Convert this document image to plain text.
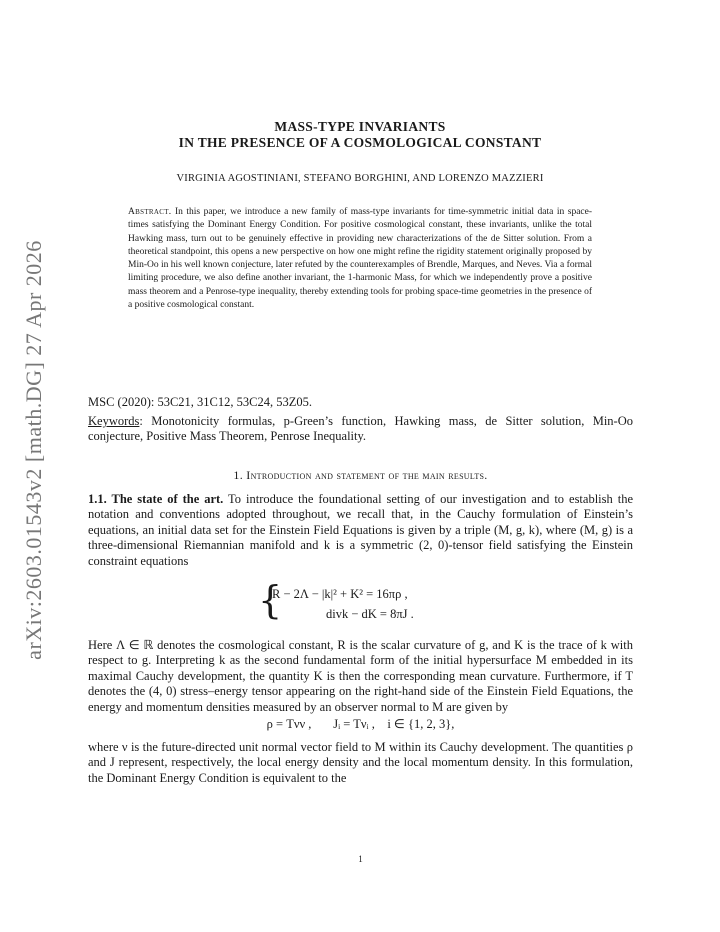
arXiv:2603.01543v2 [math.DG] 27 Apr 2026
MASS-TYPE INVARIANTS
IN THE PRESENCE OF A COSMOLOGICAL CONSTANT
VIRGINIA AGOSTINIANI, STEFANO BORGHINI, AND LORENZO MAZZIERI
Abstract. In this paper, we introduce a new family of mass-type invariants for time-symmetric initial data in space-times satisfying the Dominant Energy Condition. For positive cosmological constant, these invariants, unlike the total Hawking mass, turn out to be genuinely effective in providing new characterizations of the de Sitter solution. From a theoretical standpoint, this opens a new perspective on how one might refine the rigidity statement originally proposed by Min-Oo in his well known conjecture, later refuted by the counterexamples of Brendle, Marques, and Neves. Via a formal limiting procedure, we also define another invariant, the 1-harmonic Mass, for which we independently prove a positive mass theorem and a Penrose-type inequality, thereby extending tools for probing space-time geometries in the presence of a positive cosmological constant.
MSC (2020): 53C21, 31C12, 53C24, 53Z05.
Keywords: Monotonicity formulas, p-Green’s function, Hawking mass, de Sitter solution, Min-Oo conjecture, Positive Mass Theorem, Penrose Inequality.
1. Introduction and statement of the main results.
1.1. The state of the art. To introduce the foundational setting of our investigation and to establish the notation and conventions adopted throughout, we recall that, in the Cauchy formulation of Einstein’s equations, an initial data set for the Einstein Field Equations is given by a triple (M, g, k), where (M, g) is a three-dimensional Riemannian manifold and k is a symmetric (2, 0)-tensor field satisfying the Einstein constraint equations
{
R − 2Λ − |k|² + K² = 16πρ ,
divk − dK = 8πJ .
Here Λ ∈ ℝ denotes the cosmological constant, R is the scalar curvature of g, and K is the trace of k with respect to g. Interpreting k as the second fundamental form of the initial hypersurface M embedded in its maximal Cauchy development, the quantity K is then the corresponding mean curvature. Furthermore, if T denotes the (4, 0) stress–energy tensor appearing on the right-hand side of the Einstein Field Equations, the energy and momentum densities measured by an observer normal to M are given by
ρ = Tνν ,       Jᵢ = Tνᵢ ,    i ∈ {1, 2, 3},
where ν is the future-directed unit normal vector field to M within its Cauchy development. The quantities ρ and J represent, respectively, the local energy density and the local momentum density. In this formulation, the Dominant Energy Condition is equivalent to the
1
